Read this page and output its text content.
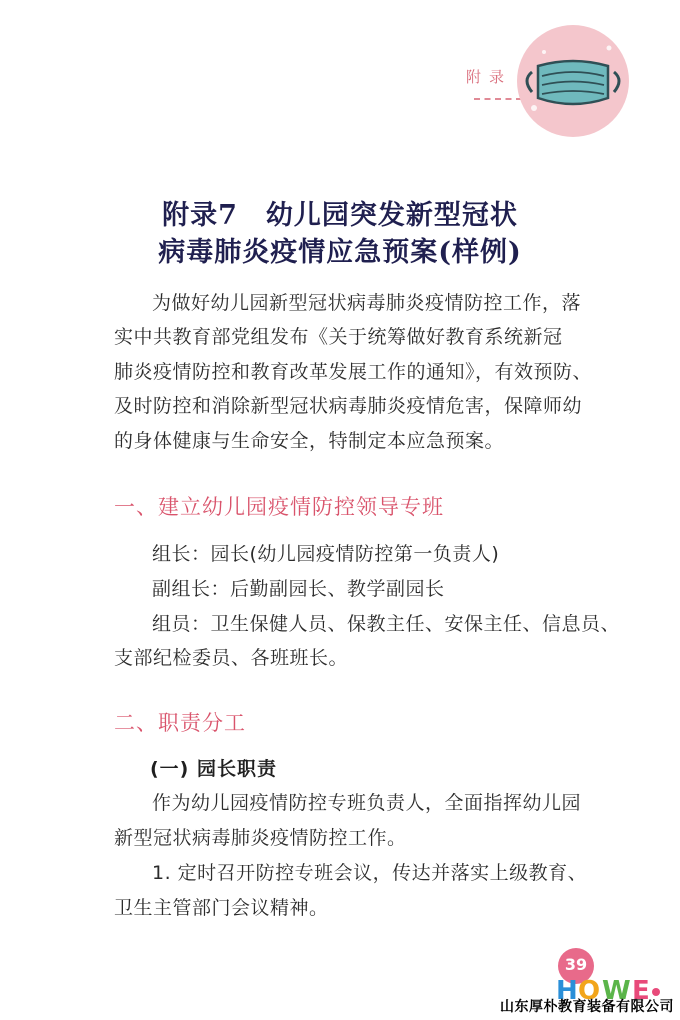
附录
附录7　幼儿园突发新型冠状
病毒肺炎疫情应急预案(样例)

为做好幼儿园新型冠状病毒肺炎疫情防控工作，落

实中共教育部党组发布《关于统筹做好教育系统新冠

肺炎疫情防控和教育改革发展工作的通知》，有效预防、

及时防控和消除新型冠状病毒肺炎疫情危害，保障师幼

的身体健康与生命安全，特制定本应急预案。

一、建立幼儿园疫情防控领导专班

组长：园长(幼儿园疫情防控第一负责人)

副组长：后勤副园长、教学副园长

组员：卫生保健人员、保教主任、安保主任、信息员、

支部纪检委员、各班班长。

二、职责分工
(一) 园长职责

作为幼儿园疫情防控专班负责人，全面指挥幼儿园

新型冠状病毒肺炎疫情防控工作。

1. 定时召开防控专班会议，传达并落实上级教育、

卫生主管部门会议精神。

39
H O W E
山东厚朴教育装备有限公司
